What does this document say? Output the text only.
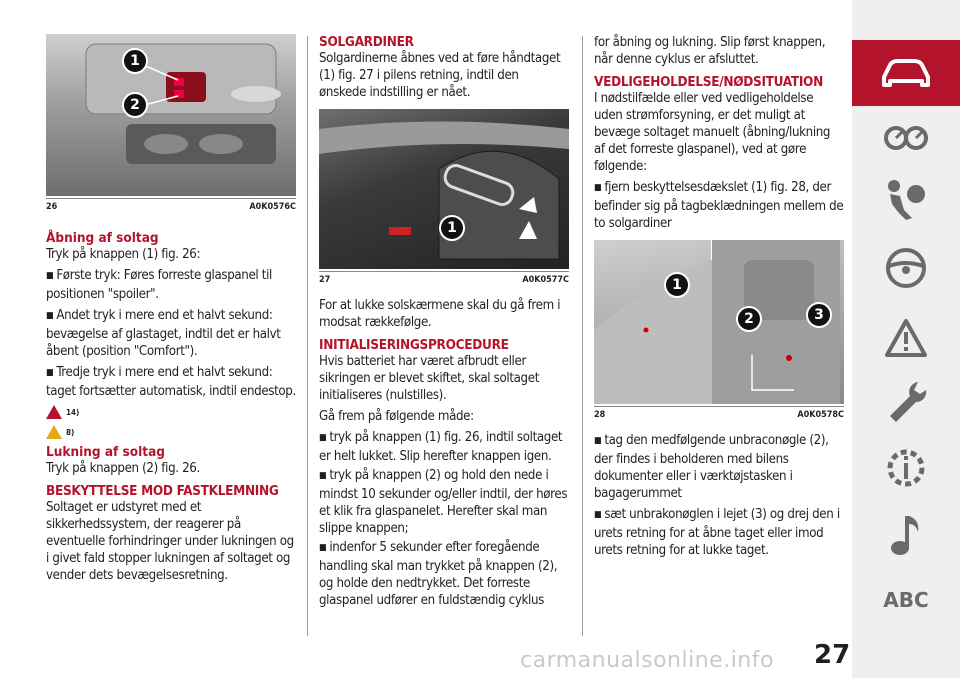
1
2
26	A0K0576C
Åbning af soltag

Tryk på knappen (1) fig. 26:

■ Første tryk: Føres forreste glaspanel til positionen "spoiler".

■ Andet tryk i mere end et halvt sekund: bevægelse af glastaget, indtil det er halvt åbent (position "Comfort").

■ Tredje tryk i mere end et halvt sekund: taget fortsætter automatisk, indtil endestop.

14)
8)
Lukning af soltag

Tryk på knappen (2) fig. 26.

BESKYTTELSE MOD FASTKLEMNING

Soltaget er udstyret med et sikkerhedssystem, der reagerer på eventuelle forhindringer under lukningen og i givet fald stopper lukningen af soltaget og vender dets bevægelsesretning.

SOLGARDINER

Solgardinerne åbnes ved at føre håndtaget (1) fig. 27 i pilens retning, indtil den ønskede indstilling er nået.

1
27	A0K0577C

For at lukke solskærmene skal du gå frem i modsat rækkefølge.

INITIALISERINGSPROCEDURE

Hvis batteriet har været afbrudt eller sikringen er blevet skiftet, skal soltaget initialiseres (nulstilles).

Gå frem på følgende måde:

■ tryk på knappen (1) fig. 26, indtil soltaget er helt lukket. Slip herefter knappen igen.

■ tryk på knappen (2) og hold den nede i mindst 10 sekunder og/eller indtil, der høres et klik fra glaspanelet. Herefter skal man slippe knappen;

■ indenfor 5 sekunder efter foregående handling skal man trykket på knappen (2), og holde den nedtrykket. Det forreste glaspanel udfører en fuldstændig cyklus

for åbning og lukning. Slip først knappen, når denne cyklus er afsluttet.

VEDLIGEHOLDELSE/NØDSITUATION

I nødstilfælde eller ved vedligeholdelse uden strømforsyning, er det muligt at bevæge soltaget manuelt (åbning/lukning af det forreste glaspanel), ved at gøre følgende:

■ fjern beskyttelsesdækslet (1) fig. 28, der befinder sig på tagbeklædningen mellem de to solgardiner

1
2	3
28	A0K0578C

■ tag den medfølgende unbraconøgle (2), der findes i beholderen med bilens dokumenter eller i værktøjstasken i bagagerummet

■ sæt unbrakonøglen i lejet (3) og drej den i urets retning for at åbne taget eller imod urets retning for at lukke taget.

ABC
carmanualsonline.info 27
